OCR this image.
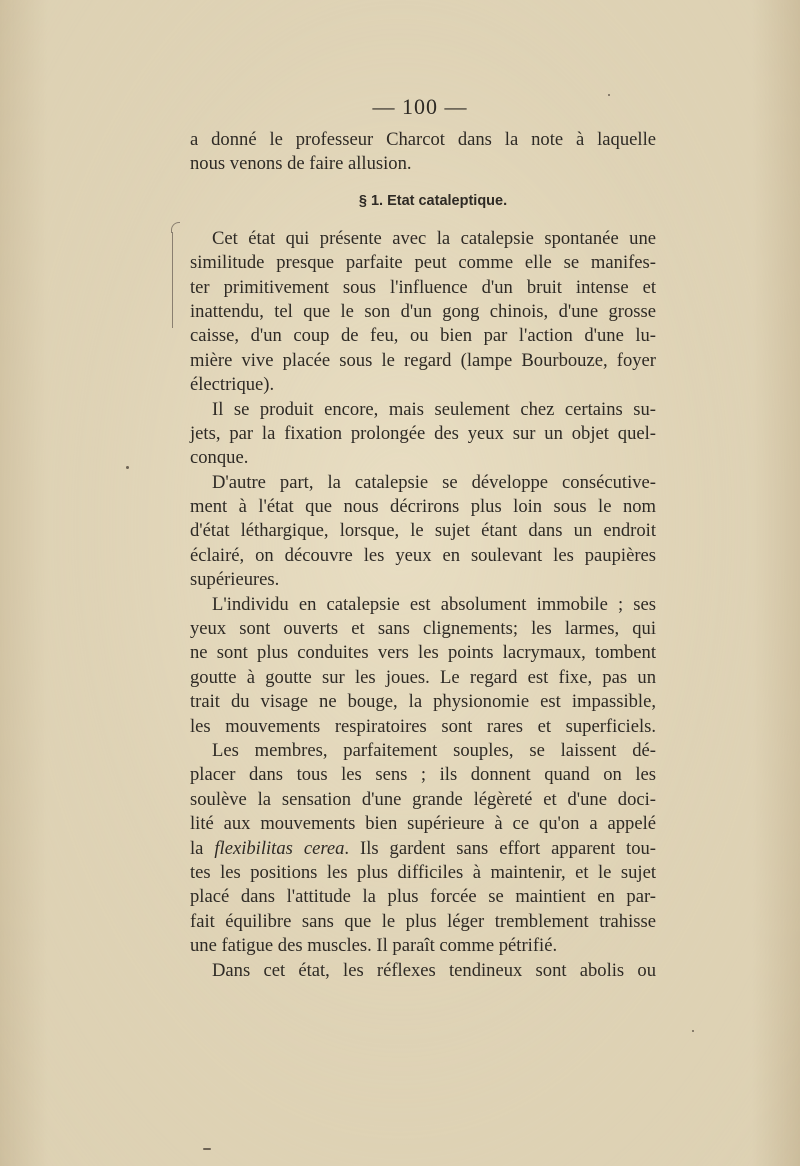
— 100 —
a donné le professeur Charcot dans la note à laquelle
nous venons de faire allusion.
§ 1. Etat cataleptique.
Cet état qui présente avec la catalepsie spontanée une
similitude presque parfaite peut comme elle se manifes-
ter primitivement sous l'influence d'un bruit intense et
inattendu, tel que le son d'un gong chinois, d'une grosse
caisse, d'un coup de feu, ou bien par l'action d'une lu-
mière vive placée sous le regard (lampe Bourbouze, foyer
électrique).
Il se produit encore, mais seulement chez certains su-
jets, par la fixation prolongée des yeux sur un objet quel-
conque.
D'autre part, la catalepsie se développe consécutive-
ment à l'état que nous décrirons plus loin sous le nom
d'état léthargique, lorsque, le sujet étant dans un endroit
éclairé, on découvre les yeux en soulevant les paupières
supérieures.
L'individu en catalepsie est absolument immobile ; ses
yeux sont ouverts et sans clignements; les larmes, qui
ne sont plus conduites vers les points lacrymaux, tombent
goutte à goutte sur les joues. Le regard est fixe, pas un
trait du visage ne bouge, la physionomie est impassible,
les mouvements respiratoires sont rares et superficiels.
Les membres, parfaitement souples, se laissent dé-
placer dans tous les sens ; ils donnent quand on les
soulève la sensation d'une grande légèreté et d'une doci-
lité aux mouvements bien supérieure à ce qu'on a appelé
la flexibilitas cerea. Ils gardent sans effort apparent tou-
tes les positions les plus difficiles à maintenir, et le sujet
placé dans l'attitude la plus forcée se maintient en par-
fait équilibre sans que le plus léger tremblement trahisse
une fatigue des muscles. Il paraît comme pétrifié.
Dans cet état, les réflexes tendineux sont abolis ou
